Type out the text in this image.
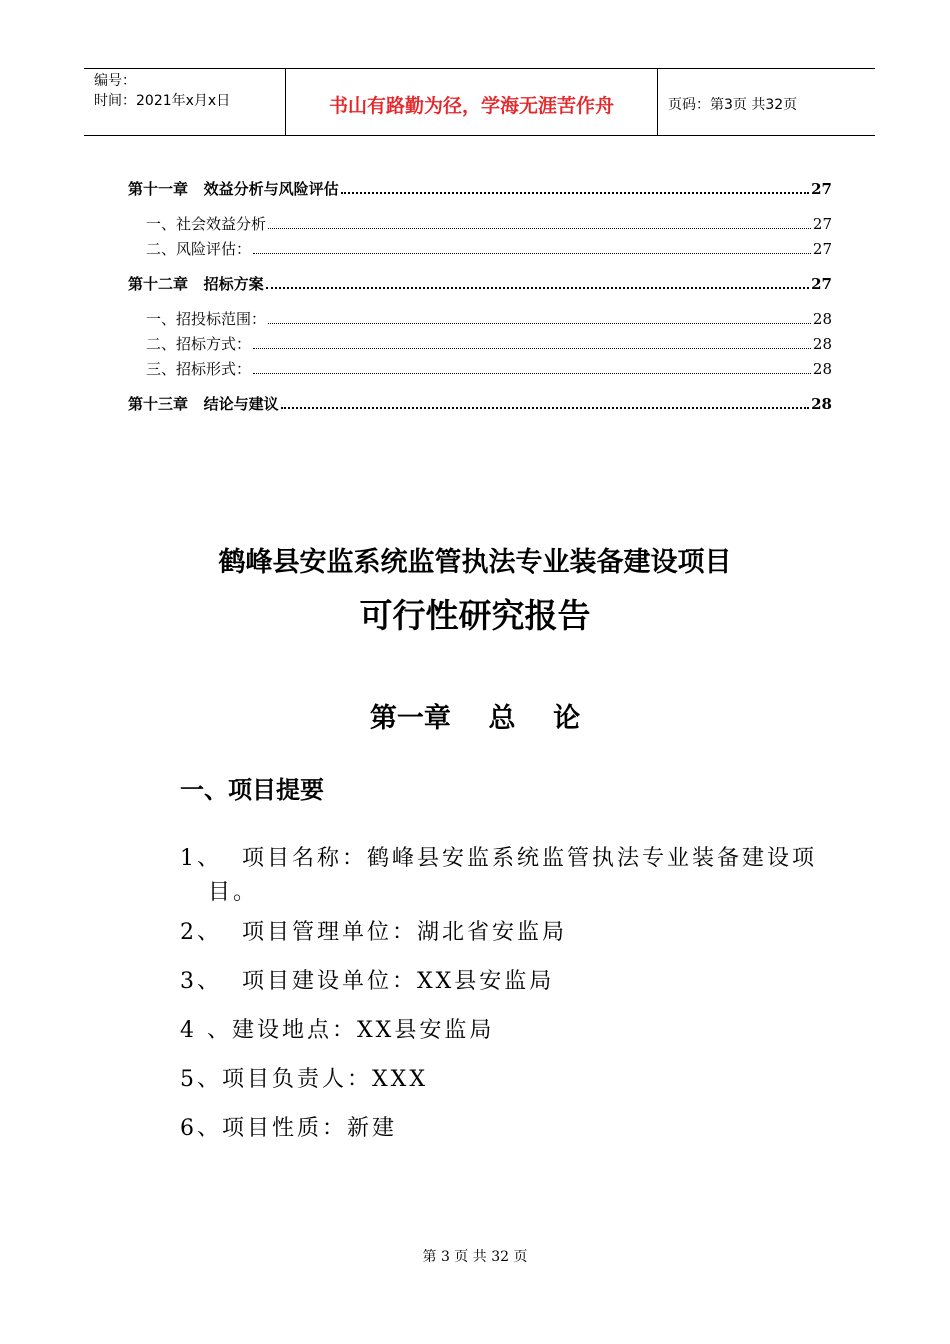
编号：
时间：2021年x月x日	书山有路勤为径，学海无涯苦作舟	页码：第3页 共32页
第十一章   效益分析与风险评估	27
一、社会效益分析	27
二、风险评估：	27
第十二章   招标方案	27
一、招投标范围：	28
二、招标方式：	28
三、招标形式：	28
第十三章   结论与建议	28
鹤峰县安监系统监管执法专业装备建设项目
可行性研究报告
第一章    总    论
一、项目提要
1、  项目名称：鹤峰县安监系统监管执法专业装备建设项
目。
2、  项目管理单位：湖北省安监局
3、  项目建设单位：XX县安监局
4 、建设地点：XX县安监局
5、项目负责人：XXX
6、项目性质：新建
第 3 页 共 32 页
